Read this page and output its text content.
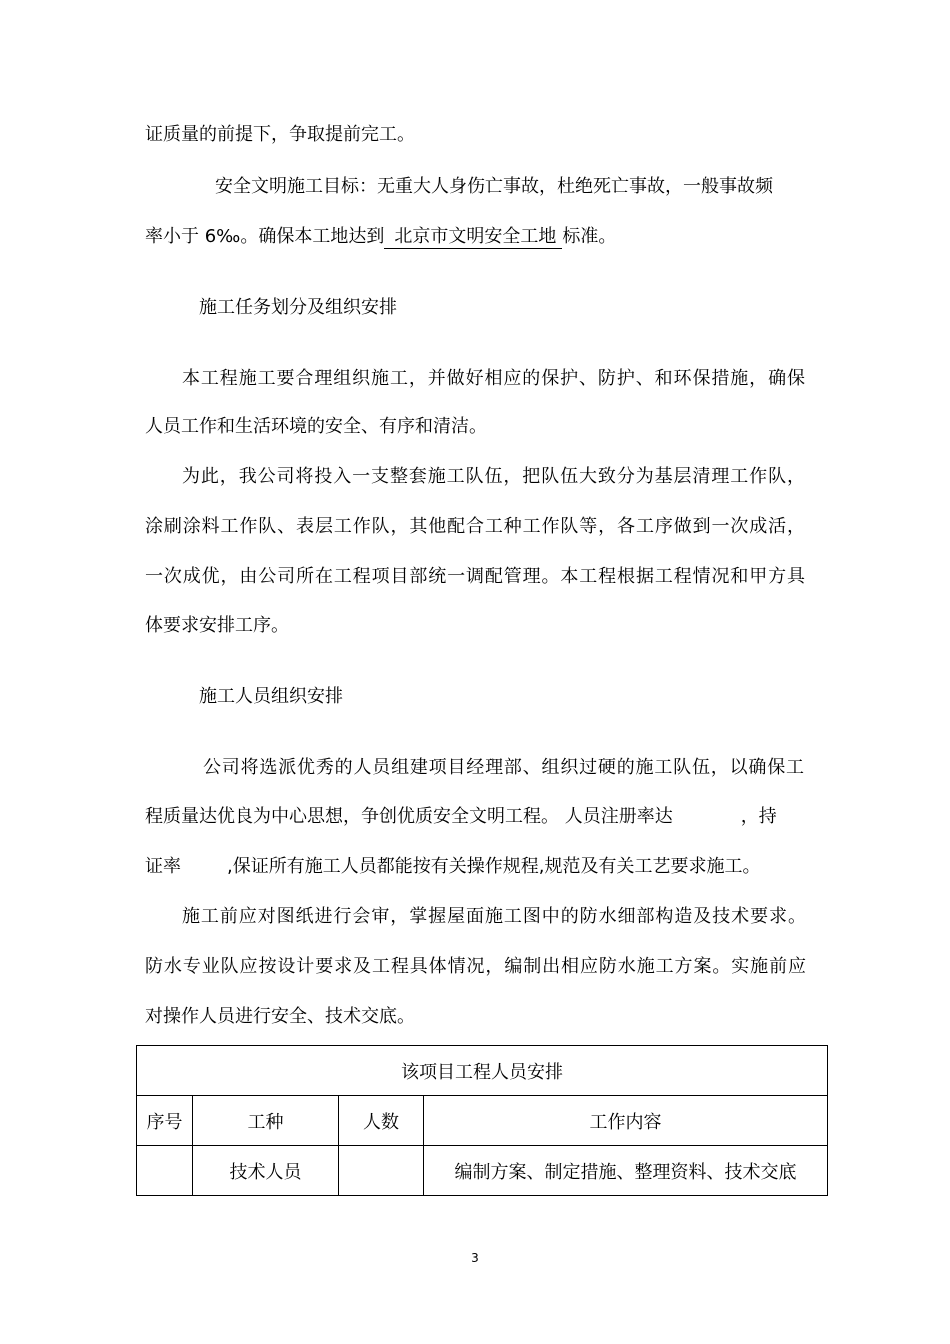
证质量的前提下，争取提前完工。
安全文明施工目标：无重大人身伤亡事故，杜绝死亡事故，一般事故频
率小于 6‰。确保本工地达到 北京市文明安全工地 标准。
施工任务划分及组织安排
本工程施工要合理组织施工，并做好相应的保护、防护、和环保措施，确保
人员工作和生活环境的安全、有序和清洁。
为此，我公司将投入一支整套施工队伍，把队伍大致分为基层清理工作队，
涂刷涂料工作队、表层工作队，其他配合工种工作队等，各工序做到一次成活，
一次成优，由公司所在工程项目部统一调配管理。本工程根据工程情况和甲方具
体要求安排工序。
施工人员组织安排
公司将选派优秀的人员组建项目经理部、组织过硬的施工队伍，以确保工
程质量达优良为中心思想，争创优质安全文明工程。 人员注册率达	，持
证率	,保证所有施工人员都能按有关操作规程,规范及有关工艺要求施工。
施工前应对图纸进行会审，掌握屋面施工图中的防水细部构造及技术要求。
防水专业队应按设计要求及工程具体情况，编制出相应防水施工方案。实施前应
对操作人员进行安全、技术交底。
该项目工程人员安排			
序号	工种	人数	工作内容
	技术人员		编制方案、制定措施、整理资料、技术交底
3
